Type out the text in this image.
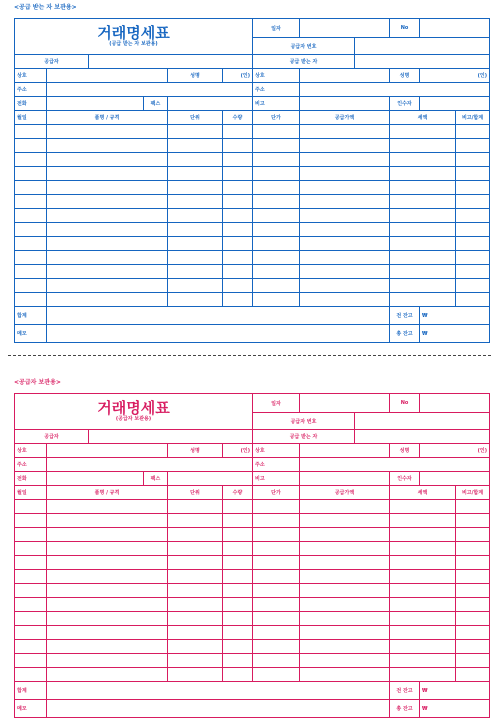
<공급 받는 자 보관용>
거래명세표
(공급 받는 자 보관용)						일자			No		
						공급자 번호					
공급자						공급 받는 자					
상호				성명	(인)	상호			성명	(인)	
주소						주소					
전화			팩스			비고			인수자		
월일	품명 / 규격			단위	수량	단가	공급가액		세액		비고/합계

합계									전 잔고	₩	
메모									총 잔고	₩	
<공급자 보관용>
거래명세표
(공급자 보관용)						일자			No		
						공급자 번호					
공급자						공급 받는 자					
상호				성명	(인)	상호			성명	(인)	
주소						주소					
전화			팩스			비고			인수자		
월일	품명 / 규격			단위	수량	단가	공급가액		세액		비고/합계

합계									전 잔고	₩	
메모									총 잔고	₩	
